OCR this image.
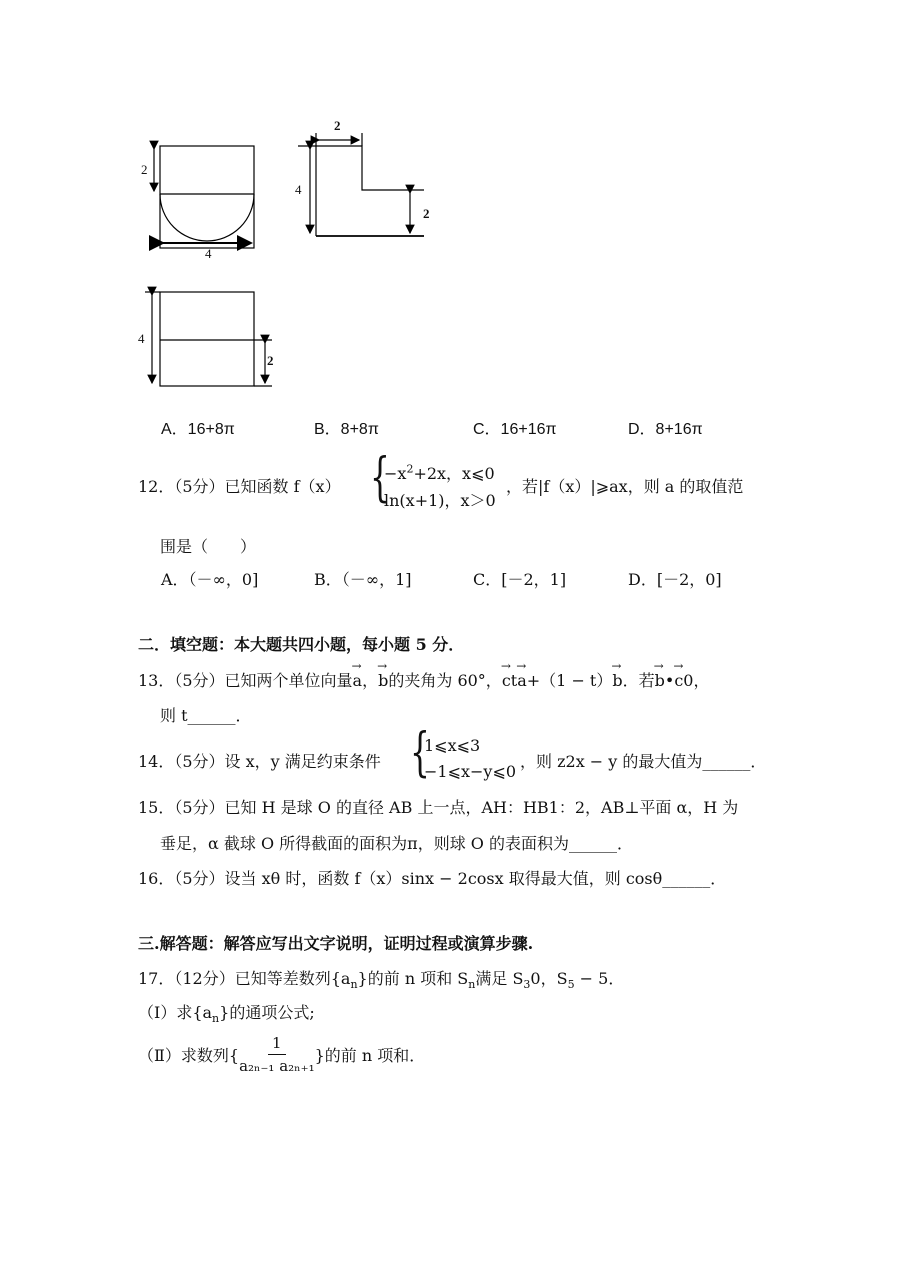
2
4
2
4
2
4
2
A．16+8π	B．8+8π	C．16+16π	D．8+16π
12．（5分）已知函数 f（x） {
$-x^2+2x$，x⩽0
ln(x+1)，x＞0
，若|f（x）|⩾ax，则 a 的取值范
围是（　　）
A．（－∞，0]	B．（－∞，1]	C．[－2，1]	D．[－2，0]
二．填空题：本大题共四小题，每小题 5 分．
13．（5分）已知两个单位向量→ a，→ b的夹角为 60°，→ ct→ a+（1 − t）→ b．若→ b•→ c0，
则 t______．
14．（5分）设 x，y 满足约束条件 {
1⩽x⩽3
−1⩽x−y⩽0
，则 z2x − y 的最大值为______．
15．（5分）已知 H 是球 O 的直径 AB 上一点，AH：HB1：2，AB⊥平面 α，H 为
垂足，α 截球 O 所得截面的面积为π，则球 O 的表面积为______．
16．（5分）设当 xθ 时，函数 f（x）sinx − 2cosx 取得最大值，则 cosθ______．
三.解答题：解答应写出文字说明，证明过程或演算步骤.
17．（12分）已知等差数列$\{a_n\}$的前 n 项和 $S_n$满足 $S_30$，$S_5 - 5$．
（Ⅰ）求$\{a_n\}$的通项公式;
（Ⅱ）求数列{ $\frac{1}{\text{a₂ₙ₋₁ a₂ₙ₊₁}}$ }的前 n 项和．
